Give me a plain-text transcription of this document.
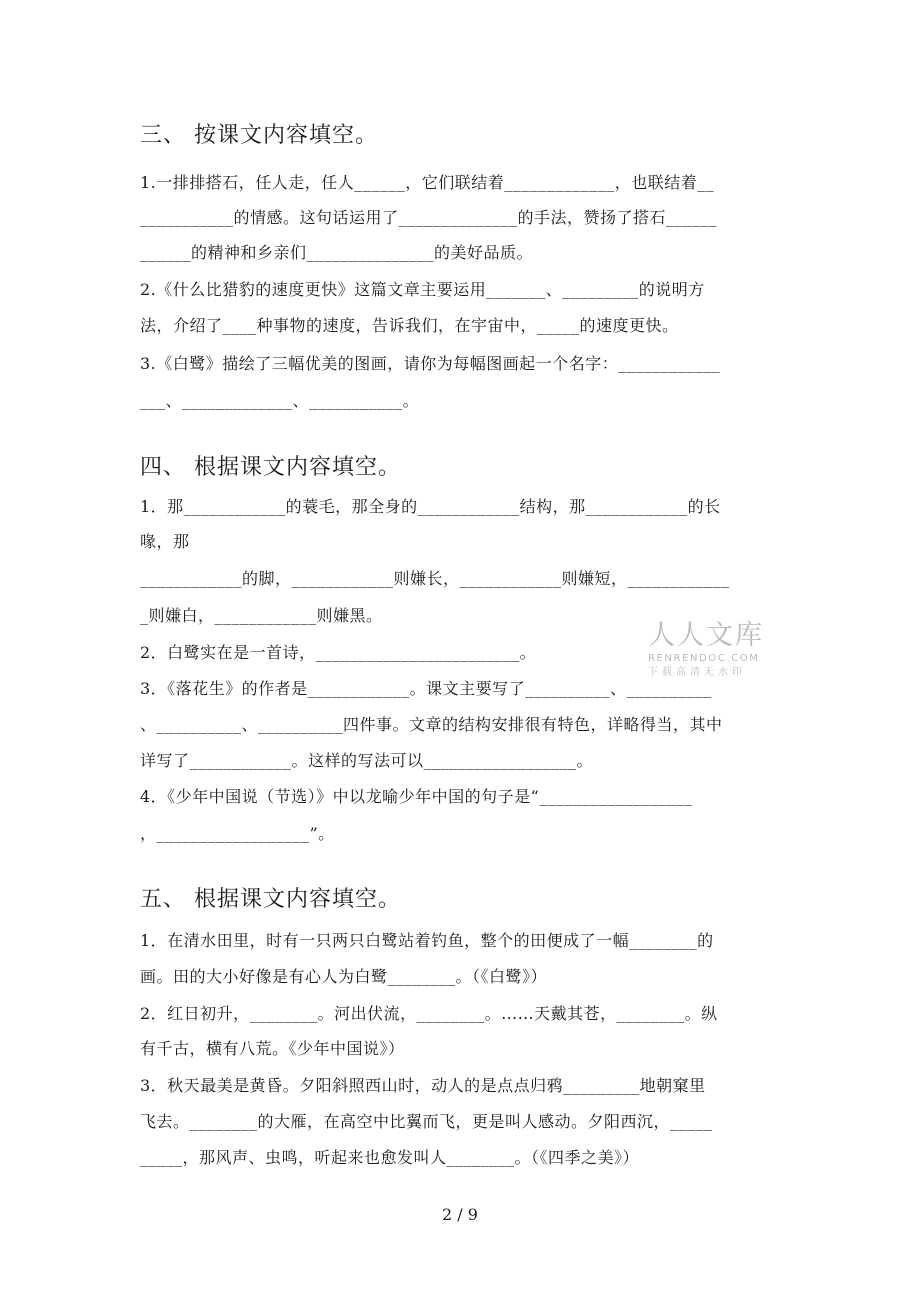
三、 按课文内容填空。
1.一排排搭石，任人走，任人______，它们联结着_____________，也联结着__
___________的情感。这句话运用了______________的手法，赞扬了搭石______
______的精神和乡亲们_______________的美好品质。
2.《什么比猎豹的速度更快》这篇文章主要运用_______、_________的说明方
法，介绍了____种事物的速度，告诉我们，在宇宙中，_____的速度更快。
3.《白鹭》描绘了三幅优美的图画，请你为每幅图画起一个名字：____________
___、_____________、___________。
四、 根据课文内容填空。
1．那____________的蓑毛，那全身的____________结构，那____________的长
喙，那
____________的脚，____________则嫌长，____________则嫌短，____________
_则嫌白，____________则嫌黑。
2．白鹭实在是一首诗，________________________。
3．《落花生》的作者是____________。课文主要写了__________、__________
、__________、__________四件事。文章的结构安排很有特色，详略得当，其中
详写了____________。这样的写法可以__________________。
4．《少年中国说（节选）》中以龙喻少年中国的句子是“__________________
，__________________”。
五、 根据课文内容填空。
1．在清水田里，时有一只两只白鹭站着钓鱼，整个的田便成了一幅________的
画。田的大小好像是有心人为白鹭________。（《白鹭》）
2．红日初升，________。河出伏流，________。……天戴其苍，________。纵
有千古，横有八荒。《少年中国说》）
3．秋天最美是黄昏。夕阳斜照西山时，动人的是点点归鸦_________地朝窠里
飞去。________的大雁，在高空中比翼而飞，更是叫人感动。夕阳西沉，_____
_____，那风声、虫鸣，听起来也愈发叫人________。（《四季之美》）
人人文库
RENRENDOC.COM
下载高清无水印
2 / 9
